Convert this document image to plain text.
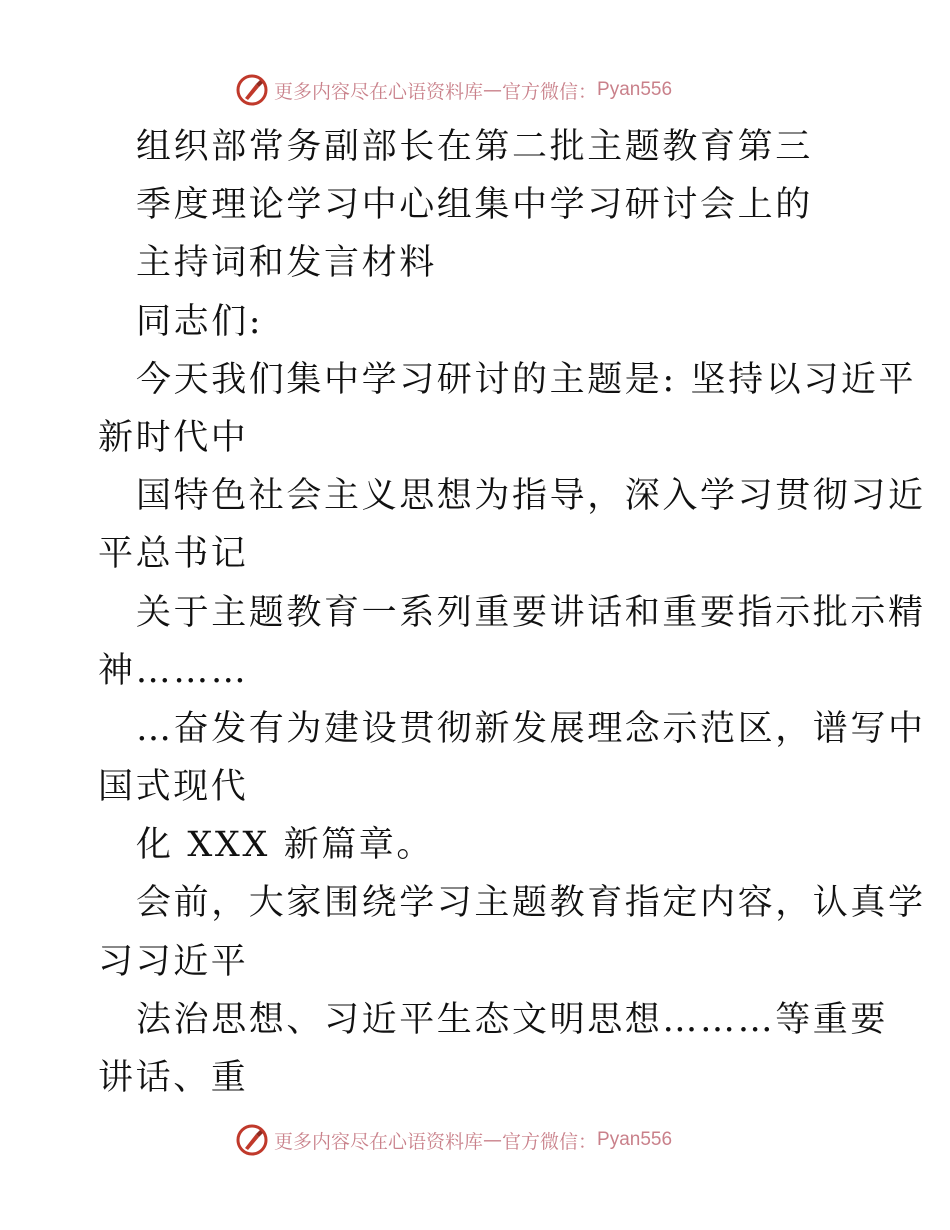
更多内容尽在心语资料库 — 官方微信： Pyan556
组织部常务副部长在第二批主题教育第三
季度理论学习中心组集中学习研讨会上的
主持词和发言材料
同志们:
今天我们集中学习研讨的主题是: 坚持以习近平
新时代中
国特色社会主义思想为指导，深入学习贯彻习近
平总书记
关于主题教育一系列重要讲话和重要指示批示精
神………
…奋发有为建设贯彻新发展理念示范区，谱写中
国式现代
化 XXX 新篇章。
会前，大家围绕学习主题教育指定内容，认真学
习习近平
法治思想、习近平生态文明思想………等重要
讲话、重
更多内容尽在心语资料库 — 官方微信： Pyan556
